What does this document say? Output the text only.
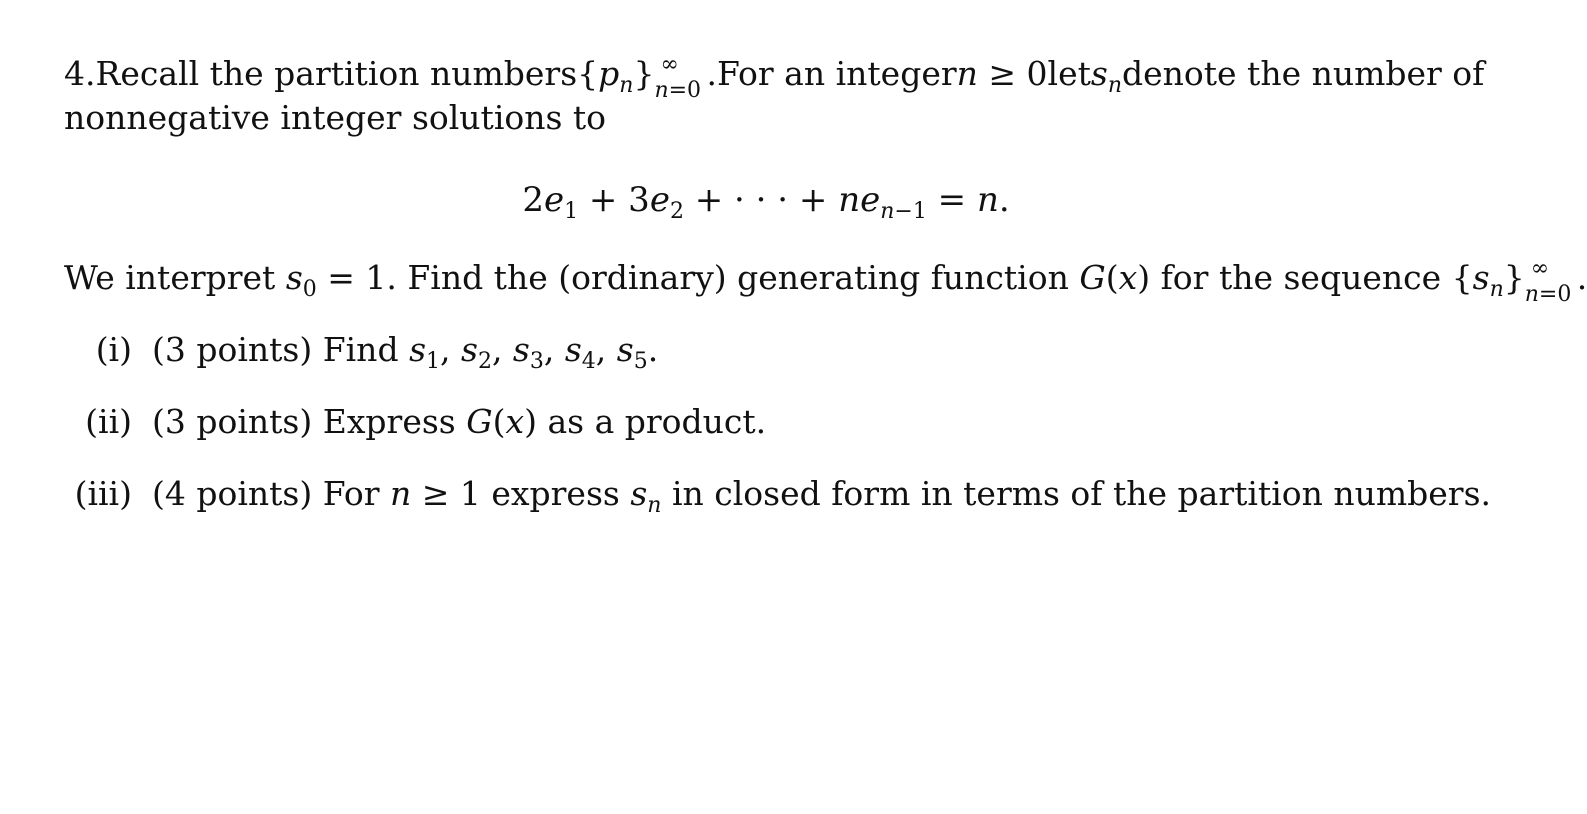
4. Recall the partition numbers $\{p_n\}$ ∞
n=0 . For an integer n ≥ 0 let $s_n$ denote the number of
nonnegative integer solutions to
$2e_1 + 3e_2$ + · · · + $ne_{n-1} = n$.
We interpret $s_0 = 1$. Find the (ordinary) generating function G(x) for the sequence $\{s_n\}$ ∞
n=0 .
(i) (3 points) Find $s_1$, $s_2$, $s_3$, $s_4$, $s_5$.
(ii) (3 points) Express G(x) as a product.
(iii) (4 points) For n ≥ 1 express $s_n$ in closed form in terms of the partition numbers.
